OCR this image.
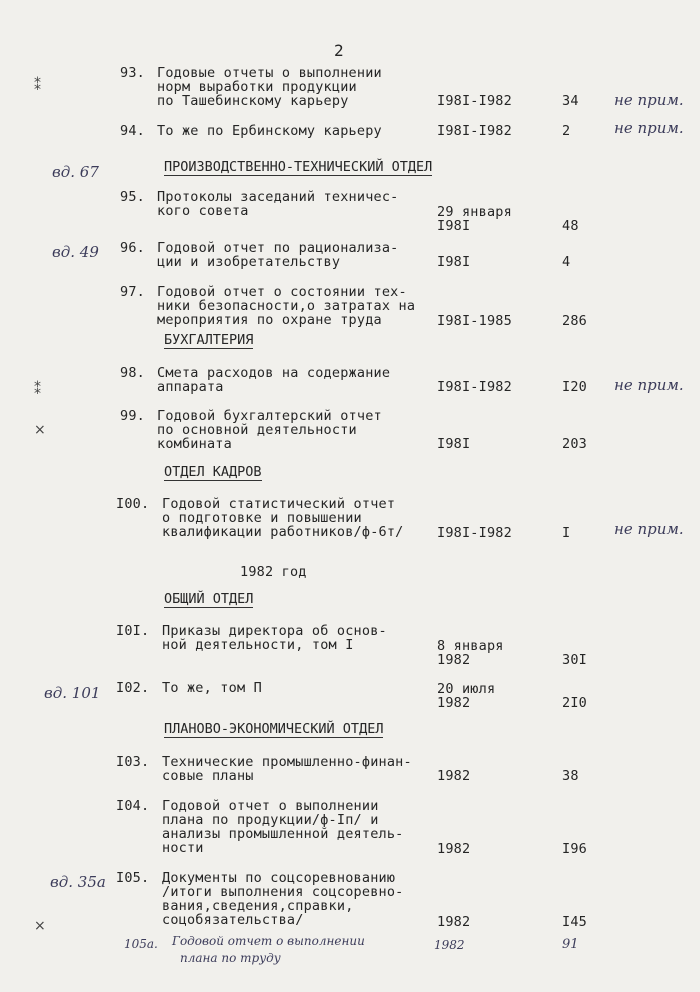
2
93. Годовые отчеты о выполнении
норм выработки продукции
по Ташебинскому карьеру	I98I-I982	34 не прим.
94. То же по Ербинскому карьеру	I98I-I982	2	не прим.
ПРОИЗВОДСТВЕННО-ТЕХНИЧЕСКИЙ ОТДЕЛ
вд. 67
95. Протоколы заседаний техничес-
кого совета	29 января
I98I	48
вд. 49 96. Годовой отчет по рационализа-
ции и изобретательству	I98I	4
97. Годовой отчет о состоянии тех-
ники безопасности,о затратах на
мероприятия по охране труда	I98I-1985	286
БУХГАЛТЕРИЯ
98. Смета расходов на содержание
аппарата	I98I-I982	I20 не прим.
99. Годовой бухгалтерский отчет
по основной деятельности
комбината	I98I	203
ОТДЕЛ КАДРОВ
I00. Годовой статистический отчет
о подготовке и повышении
квалификации работников/ф-6т/ I98I-I982	I	не прим.
1982 год
ОБЩИЙ ОТДЕЛ
I0I. Приказы директора об основ-
ной деятельности, том I	8 января
1982	30I
вд. 101 I02. То же, том П	20 июля
1982	2I0
ПЛАНОВО-ЭКОНОМИЧЕСКИЙ ОТДЕЛ
I03. Технические промышленно-финан-
совые планы	1982	38
I04. Годовой отчет о выполнении
плана по продукции/ф-Iп/ и
анализы промышленной деятель-
ности	1982	I96
вд. 35а I05. Документы по соцсоревнованию
/итоги выполнения соцсоревно-
вания,сведения,справки,
соцобязательства/	1982	I45
105а. Годовой отчет о выполнении
плана по труду
1982	91
⁑
⁑
×
×
